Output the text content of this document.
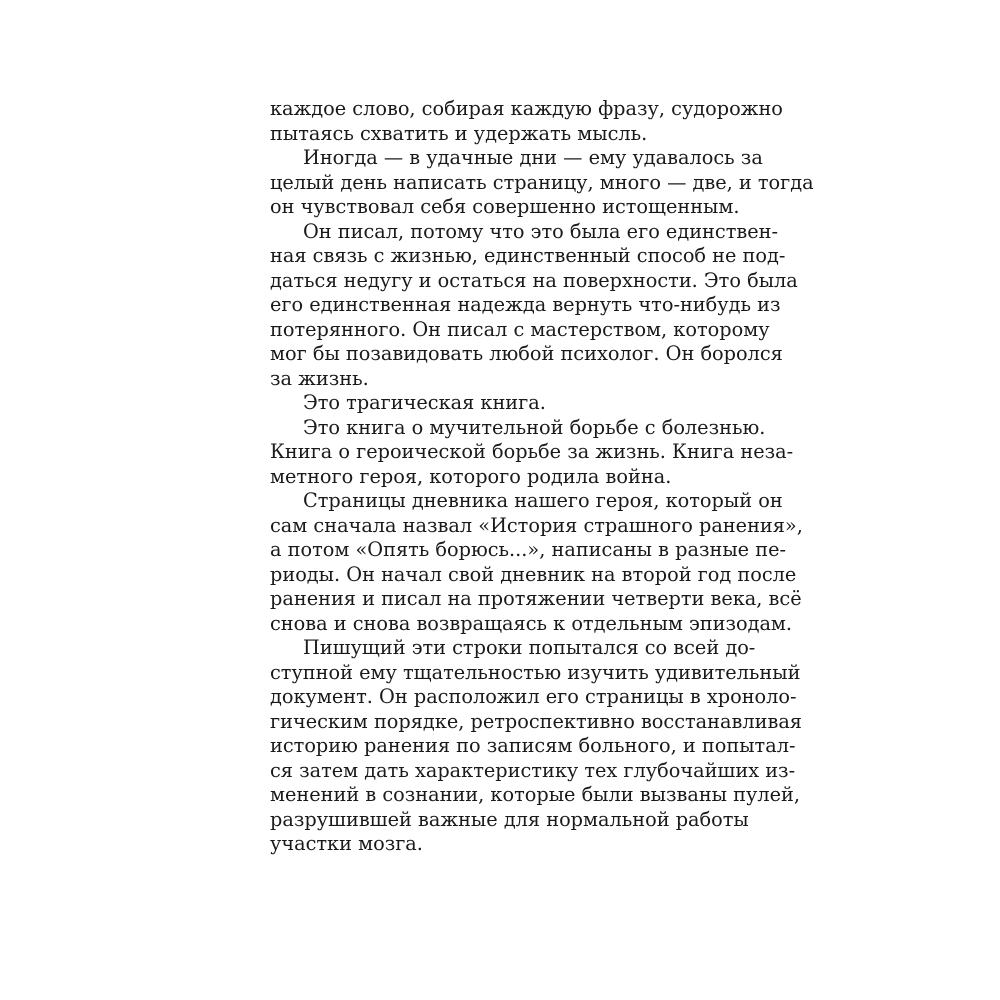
каждое слово, собирая каждую фразу, судорожно
пытаясь схватить и удержать мысль.
Иногда — в удачные дни — ему удавалось за
целый день написать страницу, много — две, и тогда
он чувствовал себя совершенно истощенным.
Он писал, потому что это была его единствен-
ная связь с жизнью, единственный способ не под-
даться недугу и остаться на поверхности. Это была
его единственная надежда вернуть что-нибудь из
потерянного. Он писал с мастерством, которому
мог бы позавидовать любой психолог. Он боролся
за жизнь.
Это трагическая книга.
Это книга о мучительной борьбе с болезнью.
Книга о героической борьбе за жизнь. Книга неза-
метного героя, которого родила война.
Страницы дневника нашего героя, который он
сам сначала назвал «История страшного ранения»,
а потом «Опять борюсь...», написаны в разные пе-
риоды. Он начал свой дневник на второй год после
ранения и писал на протяжении четверти века, всё
снова и снова возвращаясь к отдельным эпизодам.
Пишущий эти строки попытался со всей до-
ступной ему тщательностью изучить удивительный
документ. Он расположил его страницы в хроноло-
гическим порядке, ретроспективно восстанавливая
историю ранения по записям больного, и попытал-
ся затем дать характеристику тех глубочайших из-
менений в сознании, которые были вызваны пулей,
разрушившей важные для нормальной работы
участки мозга.
